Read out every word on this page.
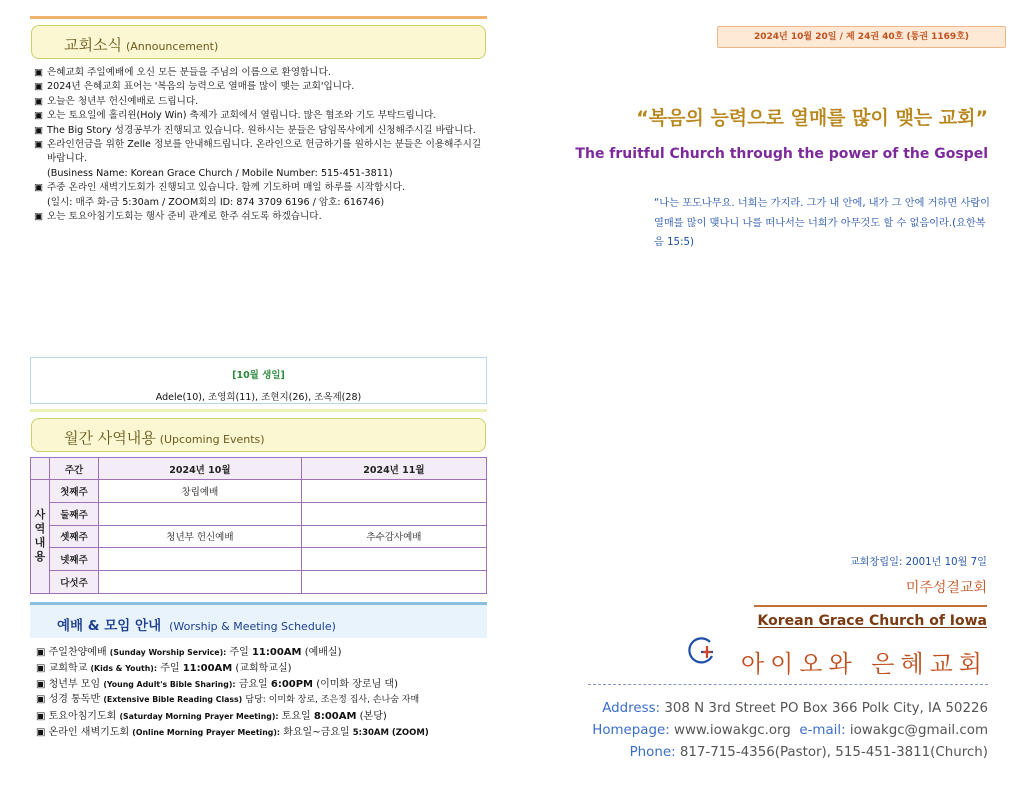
교회소식 (Announcement)
▣ 은혜교회 주일예배에 오신 모든 분들을 주님의 이름으로 환영합니다.
▣ 2024년 은혜교회 표어는 '복음의 능력으로 열매를 많이 맺는 교회'입니다.
▣ 오늘은 청년부 헌신예배로 드립니다.
▣ 오는 토요일에 홀리윈(Holy Win) 축제가 교회에서 열립니다. 많은 협조와 기도 부탁드립니다.
▣ The Big Story 성경공부가 진행되고 있습니다. 원하시는 분들은 담임목사에게 신청해주시길 바랍니다.
▣ 온라인헌금을 위한 Zelle 정보를 안내해드립니다. 온라인으로 헌금하기를 원하시는 분들은 이용해주시길 바랍니다.
(Business Name: Korean Grace Church / Mobile Number: 515-451-3811)
▣ 주중 온라인 새벽기도회가 진행되고 있습니다. 함께 기도하며 매일 하루를 시작합시다.
(일시: 매주 화-금 5:30am / ZOOM회의 ID: 874 3709 6196 / 암호: 616746)
▣ 오는 토요아침기도회는 행사 준비 관계로 한주 쉬도록 하겠습니다.
[10월 생일]
Adele(10), 조영희(11), 조현지(26), 조옥제(28)
월간 사역내용 (Upcoming Events)
	주간	2024년 10월	2024년 11월
사
역
내
용	첫째주	창립예배	
	둘째주		
	셋째주	청년부 헌신예배	추수감사예배
	넷째주		
	다섯주		
예배 & 모임 안내 (Worship & Meeting Schedule)
▣ 주일찬양예배 (Sunday Worship Service): 주일 11:00AM (예배실)
▣ 교회학교 (Kids & Youth): 주일 11:00AM (교회학교실)
▣ 청년부 모임 (Young Adult's Bible Sharing): 금요일 6:00PM (이미화 장로님 댁)
▣ 성경 통독반 (Extensive Bible Reading Class) 담당: 이미화 장로, 조은정 집사, 손나숨 자매
▣ 토요아침기도회 (Saturday Morning Prayer Meeting): 토요일 8:00AM (본당)
▣ 온라인 새벽기도회 (Online Morning Prayer Meeting): 화요일~금요일 5:30AM (ZOOM)
2024년 10월 20일 / 제 24권 40호 (통권 1169호)
“복음의 능력으로 열매를 많이 맺는 교회”
The fruitful Church through the power of the Gospel
“나는 포도나무요. 너희는 가지라. 그가 내 안에, 내가 그 안에 거하면 사람이 열매를 많이 맺나니 나를 떠나서는 너희가 아무것도 할 수 없음이라.(요한복음 15:5)
교회창립일: 2001년 10월 7일
미주성결교회
Korean Grace Church of Iowa
아이오와 은혜교회
Address: 308 N 3rd Street PO Box 366 Polk City, IA 50226
Homepage: www.iowakgc.org e-mail: iowakgc@gmail.com
Phone: 817-715-4356(Pastor), 515-451-3811(Church)
